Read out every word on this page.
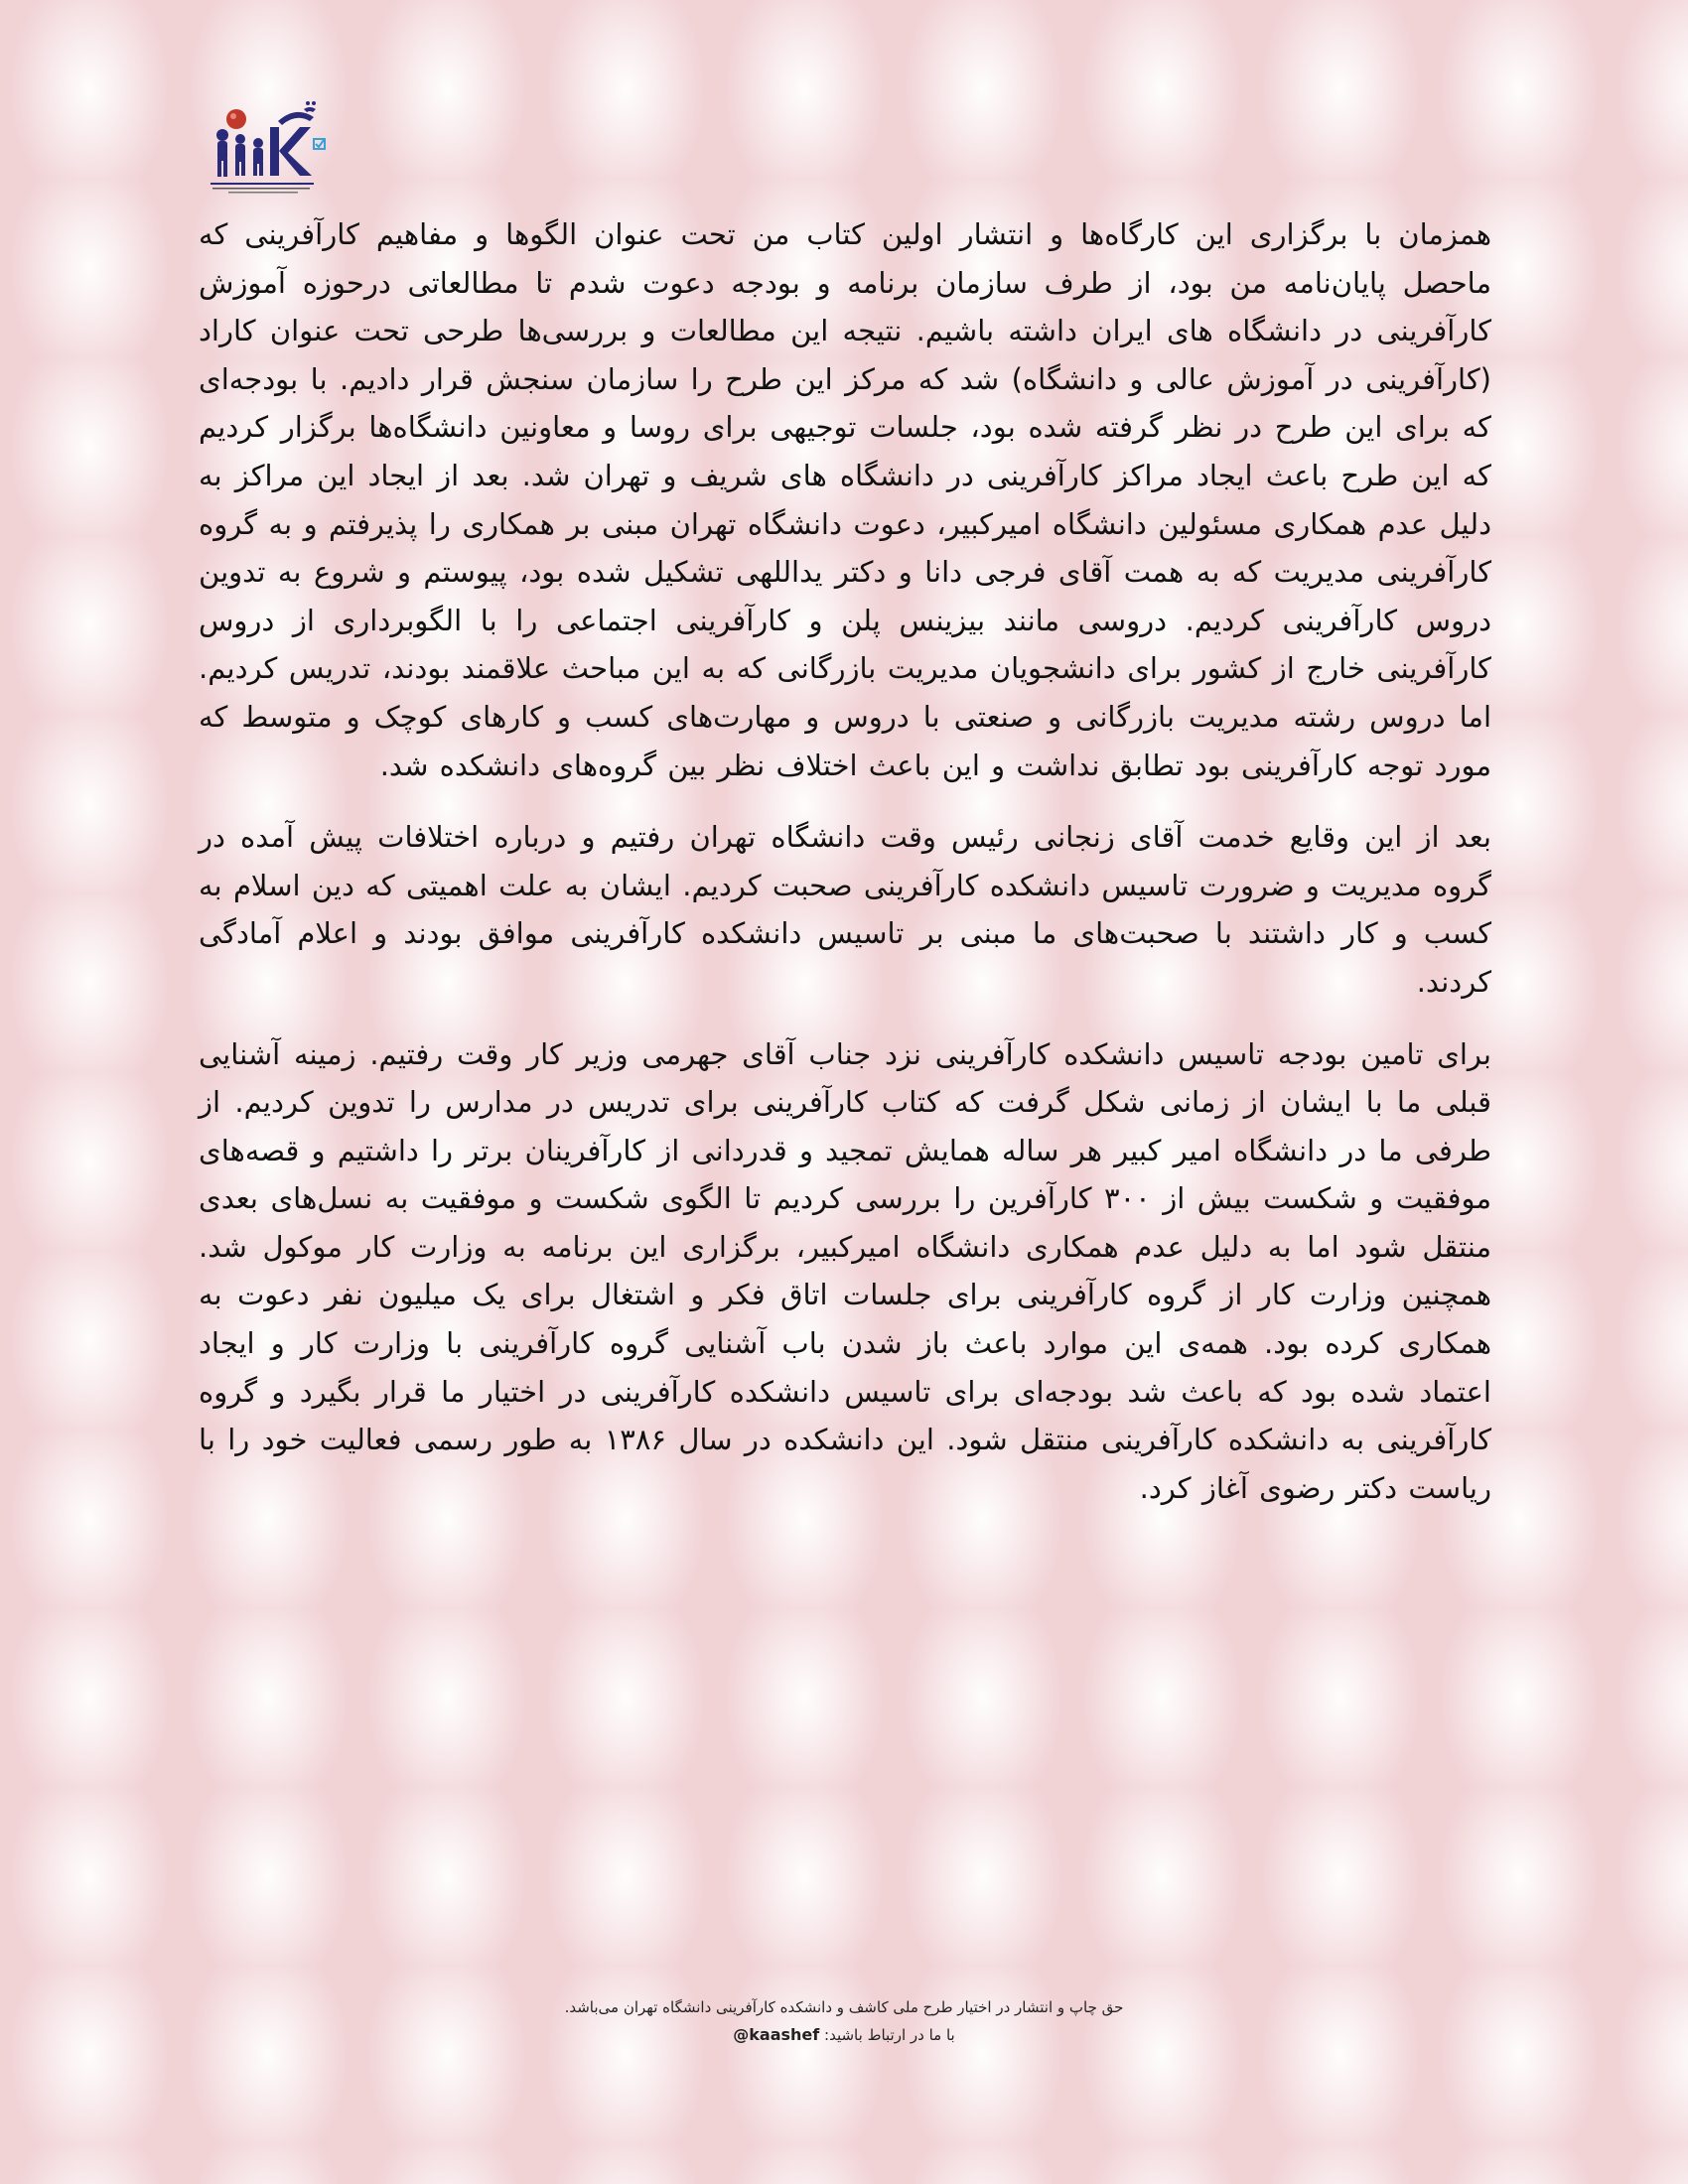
همزمان با برگزاری این کارگاه‌ها و انتشار اولین کتاب من تحت عنوان الگوها و مفاهیم کارآفرینی که ماحصل پایان‌نامه من بود، از طرف سازمان برنامه و بودجه دعوت شدم تا مطالعاتی درحوزه آموزش کارآفرینی در دانشگاه های ایران داشته باشیم. نتیجه این مطالعات و بررسی‌ها طرحی تحت عنوان کاراد (کارآفرینی در آموزش عالی و دانشگاه) شد که مرکز این طرح را سازمان سنجش قرار دادیم. با بودجه‌ای که برای این طرح در نظر گرفته شده بود، جلسات توجیهی برای روسا و معاونین دانشگاه‌ها برگزار کردیم که این طرح باعث ایجاد مراکز کارآفرینی در دانشگاه های شریف و تهران شد. بعد از ایجاد این مراکز به دلیل عدم همکاری مسئولین دانشگاه امیرکبیر، دعوت دانشگاه تهران مبنی بر همکاری را پذیرفتم و به گروه کارآفرینی مدیریت که به همت آقای فرجی دانا و دکتر یداللهی تشکیل شده بود، پیوستم و شروع به تدوین دروس کارآفرینی کردیم. دروسی مانند بیزینس پلن و کارآفرینی اجتماعی را با الگوبرداری از دروس کارآفرینی خارج از کشور برای دانشجویان مدیریت بازرگانی که به این مباحث علاقمند بودند، تدریس کردیم. اما دروس رشته مدیریت بازرگانی و صنعتی با دروس و مهارت‌های کسب و کارهای کوچک و متوسط که مورد توجه کارآفرینی بود تطابق نداشت و این باعث اختلاف نظر بین گروه‌های دانشکده شد.

بعد از این وقایع خدمت آقای زنجانی رئیس وقت دانشگاه تهران رفتیم و درباره اختلافات پیش آمده در گروه مدیریت و ضرورت تاسیس دانشکده کارآفرینی صحبت کردیم. ایشان به علت اهمیتی که دین اسلام به کسب و کار داشتند با صحبت‌های ما مبنی بر تاسیس دانشکده کارآفرینی موافق بودند و اعلام آمادگی کردند.

برای تامین بودجه تاسیس دانشکده کارآفرینی نزد جناب آقای جهرمی وزیر کار وقت رفتیم. زمینه آشنایی قبلی ما با ایشان از زمانی شکل گرفت که کتاب کارآفرینی برای تدریس در مدارس را تدوین کردیم. از طرفی ما در دانشگاه امیر کبیر هر ساله همایش تمجید و قدردانی از کارآفرینان برتر را داشتیم و قصه‌های موفقیت و شکست بیش از ۳۰۰ کارآفرین را بررسی کردیم تا الگوی شکست و موفقیت به نسل‌های بعدی منتقل شود اما به دلیل عدم همکاری دانشگاه امیرکبیر، برگزاری این برنامه به وزارت کار موکول شد. همچنین وزارت کار از گروه کارآفرینی برای جلسات اتاق فکر و اشتغال برای یک میلیون نفر دعوت به همکاری کرده بود. همه‌ی این موارد باعث باز شدن باب آشنایی گروه کارآفرینی با وزارت کار و ایجاد اعتماد شده بود که باعث شد بودجه‌ای برای تاسیس دانشکده کارآفرینی در اختیار ما قرار بگیرد و گروه کارآفرینی به دانشکده کارآفرینی منتقل شود. این دانشکده در سال ۱۳۸۶ به طور رسمی فعالیت خود را با ریاست دکتر رضوی آغاز کرد.

حق چاپ و انتشار در اختیار طرح ملی کاشف و دانشکده کارآفرینی دانشگاه تهران می‌باشد.
با ما در ارتباط باشید: @kaashef
